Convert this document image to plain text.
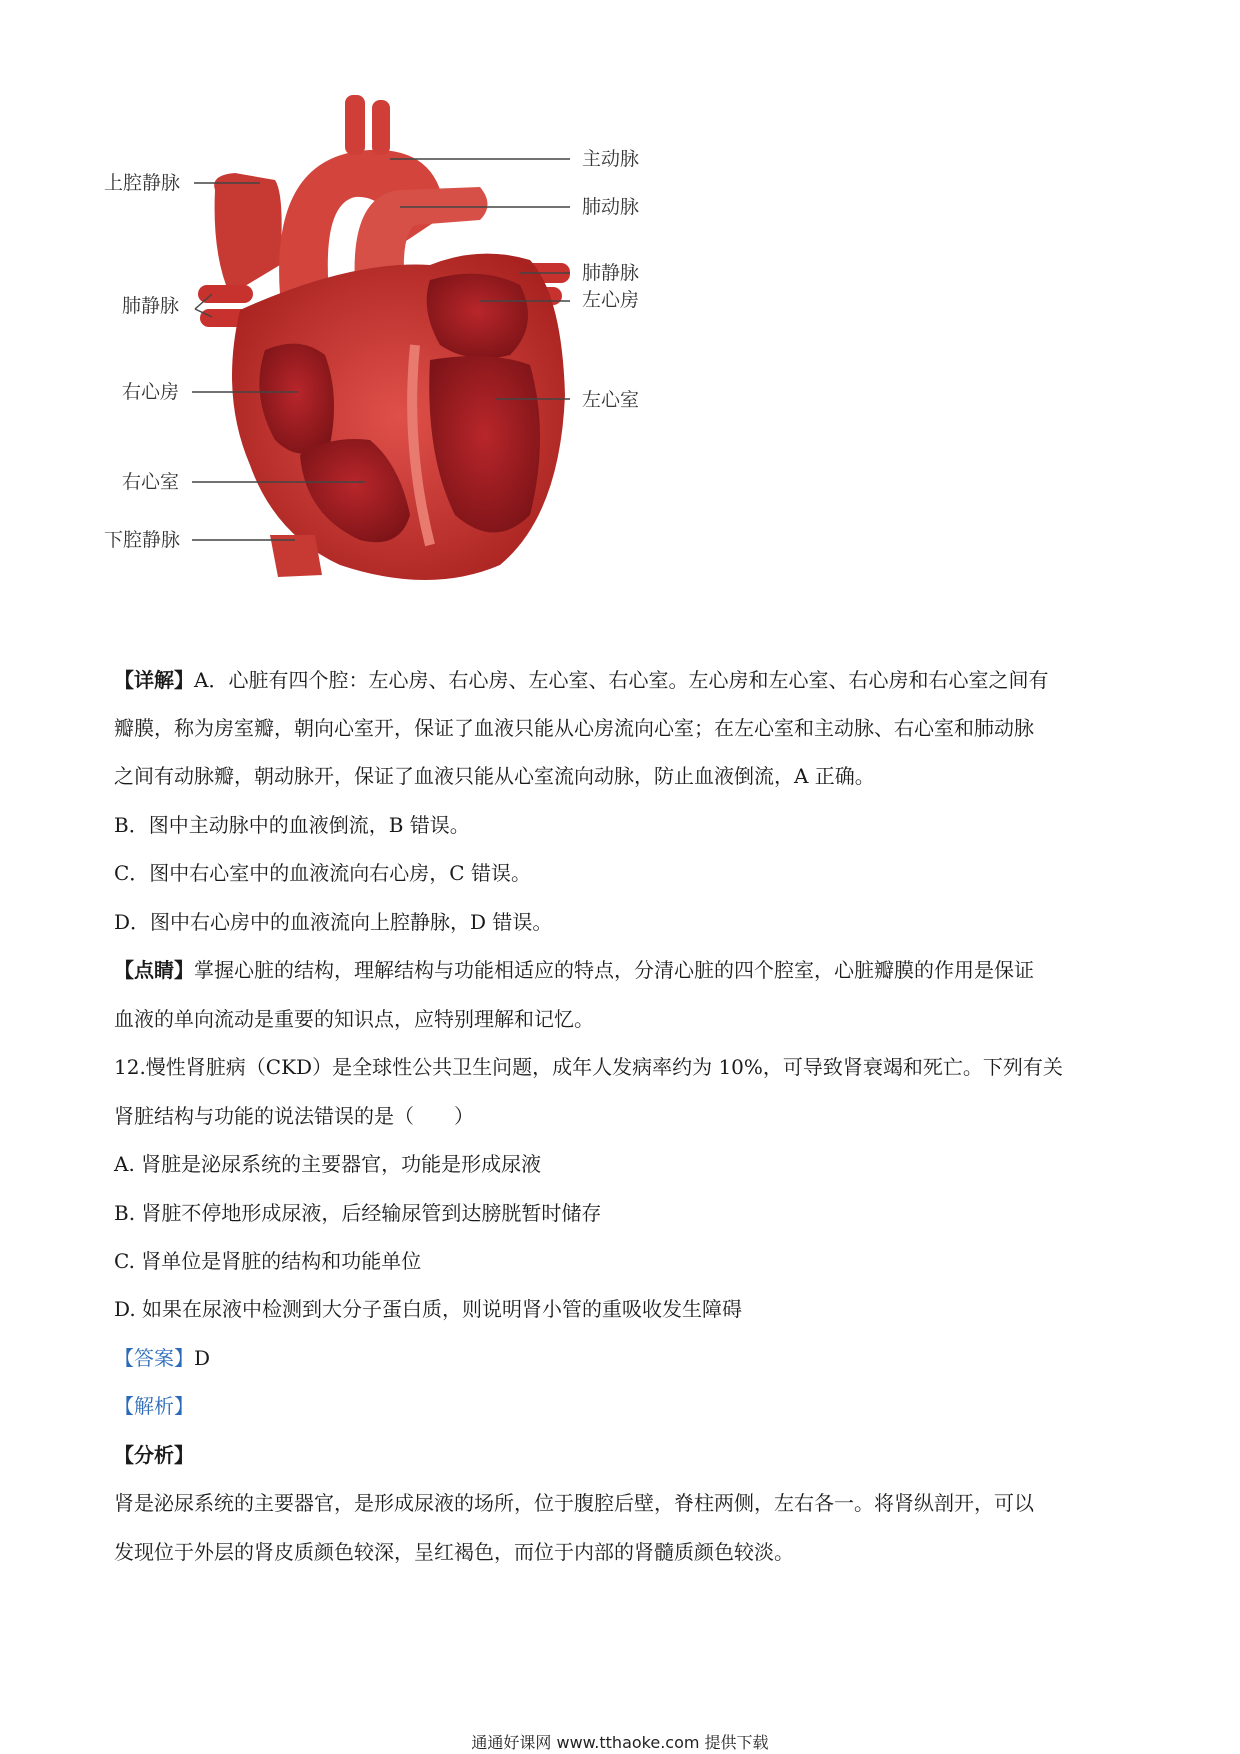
主动脉
上腔静脉
肺动脉
肺静脉
左心房
肺静脉
右心房	左心室
右心室
下腔静脉
【详解】A．心脏有四个腔：左心房、右心房、左心室、右心室。左心房和左心室、右心房和右心室之间有
瓣膜，称为房室瓣，朝向心室开，保证了血液只能从心房流向心室；在左心室和主动脉、右心室和肺动脉
之间有动脉瓣，朝动脉开，保证了血液只能从心室流向动脉，防止血液倒流，A 正确。
B．图中主动脉中的血液倒流，B 错误。
C．图中右心室中的血液流向右心房，C 错误。
D．图中右心房中的血液流向上腔静脉，D 错误。
【点睛】掌握心脏的结构，理解结构与功能相适应的特点，分清心脏的四个腔室，心脏瓣膜的作用是保证
血液的单向流动是重要的知识点，应特别理解和记忆。
12.慢性肾脏病（CKD）是全球性公共卫生问题，成年人发病率约为 10%，可导致肾衰竭和死亡。下列有关
肾脏结构与功能的说法错误的是（　　）
A. 肾脏是泌尿系统的主要器官，功能是形成尿液
B. 肾脏不停地形成尿液，后经输尿管到达膀胱暂时储存
C. 肾单位是肾脏的结构和功能单位
D. 如果在尿液中检测到大分子蛋白质，则说明肾小管的重吸收发生障碍
【答案】D
【解析】
【分析】
肾是泌尿系统的主要器官，是形成尿液的场所，位于腹腔后壁，脊柱两侧，左右各一。将肾纵剖开，可以
发现位于外层的肾皮质颜色较深，呈红褐色，而位于内部的肾髓质颜色较淡。
通通好课网 www.tthaoke.com 提供下载
